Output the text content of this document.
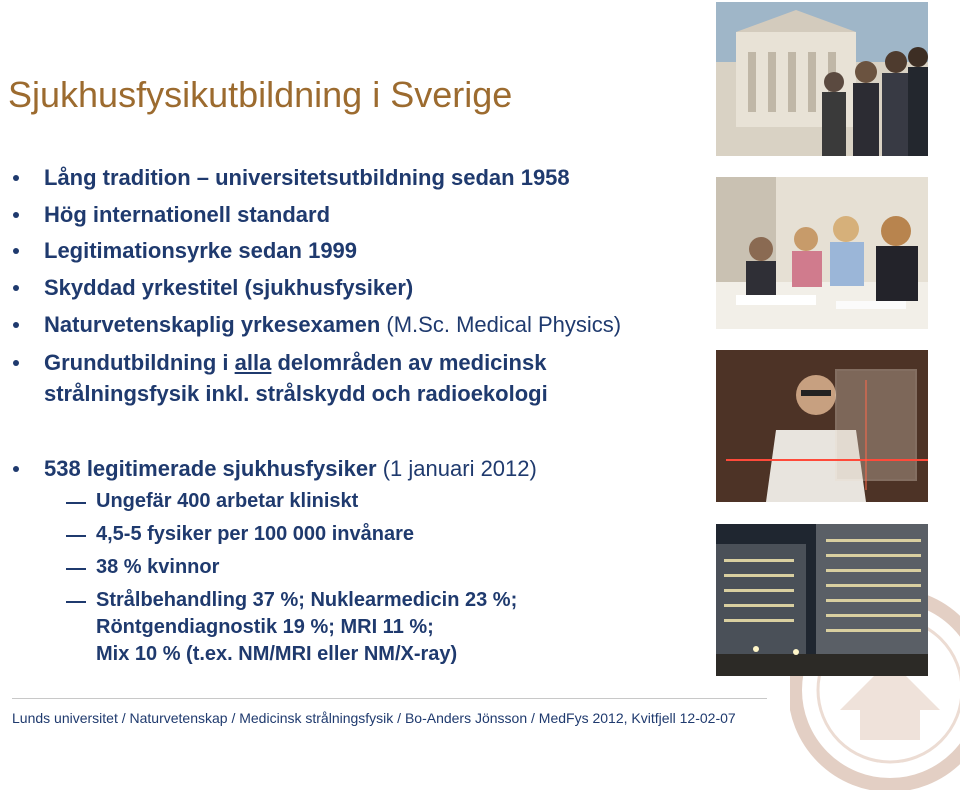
Sjukhusfysikutbildning i Sverige
Lång tradition – universitetsutbildning sedan 1958
Hög internationell standard
Legitimationsyrke sedan 1999
Skyddad yrkestitel (sjukhusfysiker)
Naturvetenskaplig yrkesexamen (M.Sc. Medical Physics)
Grundutbildning i alla delområden av medicinsk
strålningsfysik inkl. strålskydd och radioekologi
538 legitimerade sjukhusfysiker (1 januari 2012)
Ungefär 400 arbetar kliniskt
4,5-5 fysiker per 100 000 invånare
38 % kvinnor
Strålbehandling 37 %; Nuklearmedicin 23 %;
Röntgendiagnostik 19 %; MRI 11 %;
Mix 10 % (t.ex. NM/MRI eller NM/X-ray)
Lunds universitet / Naturvetenskap / Medicinsk strålningsfysik / Bo-Anders Jönsson / MedFys 2012, Kvitfjell 12-02-07
